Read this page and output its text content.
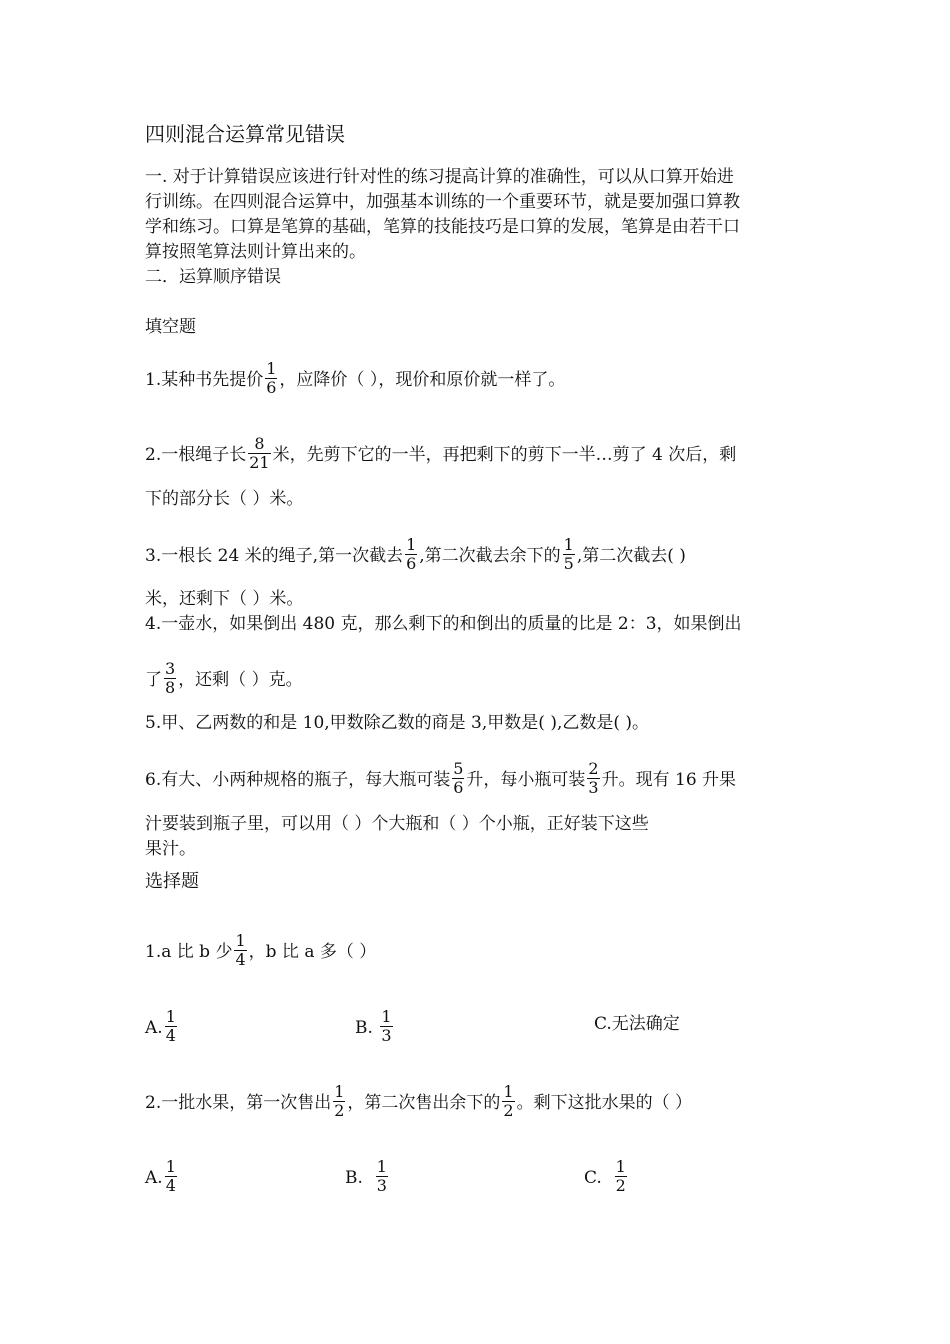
四则混合运算常见错误
一. 对于计算错误应该进行针对性的练习提高计算的准确性，可以从口算开始进
行训练。在四则混合运算中，加强基本训练的一个重要环节，就是要加强口算教
学和练习。口算是笔算的基础，笔算的技能技巧是口算的发展，笔算是由若干口
算按照笔算法则计算出来的。
二．运算顺序错误
填空题
1.某种书先提价 $\frac{1}{6}$ ，应降价（ ），现价和原价就一样了。
2.一根绳子长 $\frac{8}{21}$ 米，先剪下它的一半，再把剩下的剪下一半…剪了 4 次后，剩
下的部分长（ ）米。
3.一根长 24 米的绳子,第一次截去 $\frac{1}{6}$ ,第二次截去余下的 $\frac{1}{5}$ ,第二次截去( )
米，还剩下（ ）米。
4.一壶水，如果倒出 480 克，那么剩下的和倒出的质量的比是 2：3，如果倒出
了 $\frac{3}{8}$ ，还剩（ ）克。
5.甲、乙两数的和是 10,甲数除乙数的商是 3,甲数是( ),乙数是( )。
6.有大、小两种规格的瓶子，每大瓶可装 $\frac{5}{6}$ 升，每小瓶可装 $\frac{2}{3}$ 升。现有 16 升果
汁要装到瓶子里，可以用（ ）个大瓶和（ ）个小瓶，正好装下这些
果汁。
选择题
1.a 比 b 少 $\frac{1}{4}$ ，b 比 a 多（ ）
A. $\frac{1}{4}$	B. $\frac{1}{3}$	C.无法确定
2.一批水果，第一次售出 $\frac{1}{2}$ ，第二次售出余下的 $\frac{1}{2}$ 。剩下这批水果的（ ）
A. $\frac{1}{4}$	B. $\frac{1}{3}$	C. $\frac{1}{2}$
